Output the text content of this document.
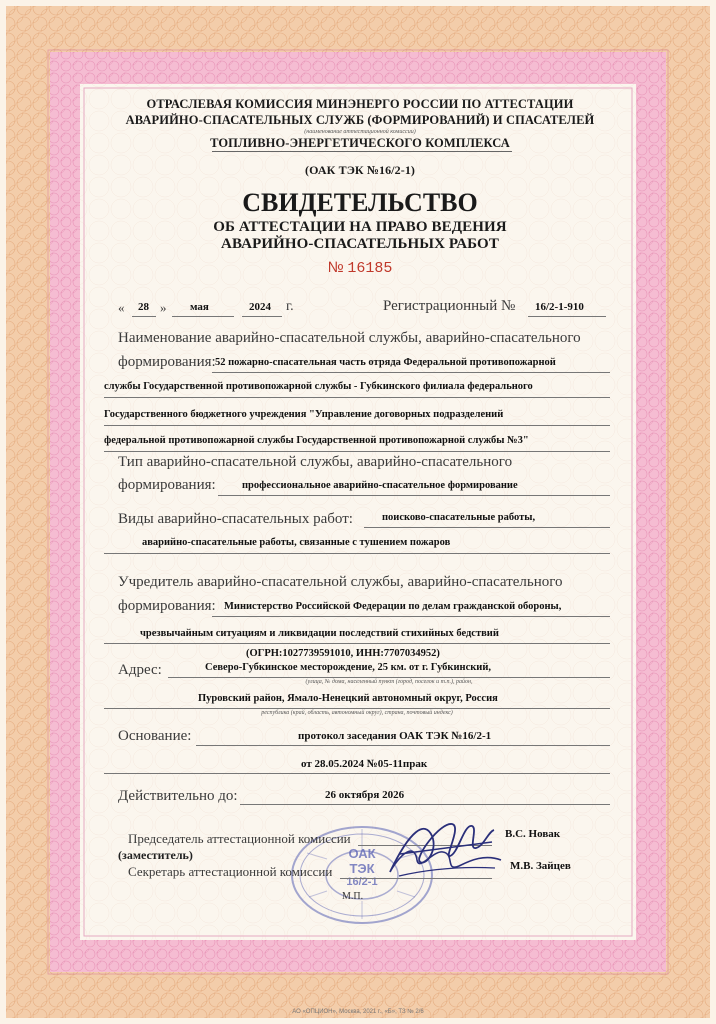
ОТРАСЛЕВАЯ КОМИССИЯ МИНЭНЕРГО РОССИИ ПО АТТЕСТАЦИИ
АВАРИЙНО-СПАСАТЕЛЬНЫХ СЛУЖБ (ФОРМИРОВАНИЙ) И СПАСАТЕЛЕЙ
(наименование аттестационной комиссии)
ТОПЛИВНО-ЭНЕРГЕТИЧЕСКОГО КОМПЛЕКСА
(ОАК ТЭК №16/2-1)
СВИДЕТЕЛЬСТВО
ОБ АТТЕСТАЦИИ НА ПРАВО ВЕДЕНИЯ
АВАРИЙНО-СПАСАТЕЛЬНЫХ РАБОТ
№ 16185
« 28 » мая	2024 г.	Регистрационный № 16/2-1-910
Наименование аварийно-спасательной службы, аварийно-спасательного
формирования: 52 пожарно-спасательная часть отряда Федеральной противопожарной
службы Государственной противопожарной службы - Губкинского филиала федерального
Государственного бюджетного учреждения "Управление договорных подразделений
федеральной противопожарной службы Государственной противопожарной службы №3"
Тип аварийно-спасательной службы, аварийно-спасательного
формирования:	профессиональное аварийно-спасательное формирование
Виды аварийно-спасательных работ:	поисково-спасательные работы,
аварийно-спасательные работы, связанные с тушением пожаров
Учредитель аварийно-спасательной службы, аварийно-спасательного
формирования: Министерство Российской Федерации по делам гражданской обороны,
чрезвычайным ситуациям и ликвидации последствий стихийных бедствий
(ОГРН:1027739591010, ИНН:7707034952)
Адрес:	Северо-Губкинское месторождение, 25 км. от г. Губкинский,
(улица, № дома, населенный пункт (город, поселок и т.п.), район,
Пуровский район, Ямало-Ненецкий автономный округ, Россия
республика (край, область, автономный округ), страна, почтовый индекс)
Основание:	протокол заседания ОАК ТЭК №16/2-1
от 28.05.2024 №05-11прак
Действительно до:	26 октября 2026
ОАК
ТЭК
16/2-1
Председатель аттестационной комиссии
(заместитель)
В.С. Новак
Секретарь аттестационной комиссии	М.В. Зайцев
М.П.
АО «ОПЦИОН», Москва, 2021 г., «Б», ТЗ № 2/6
